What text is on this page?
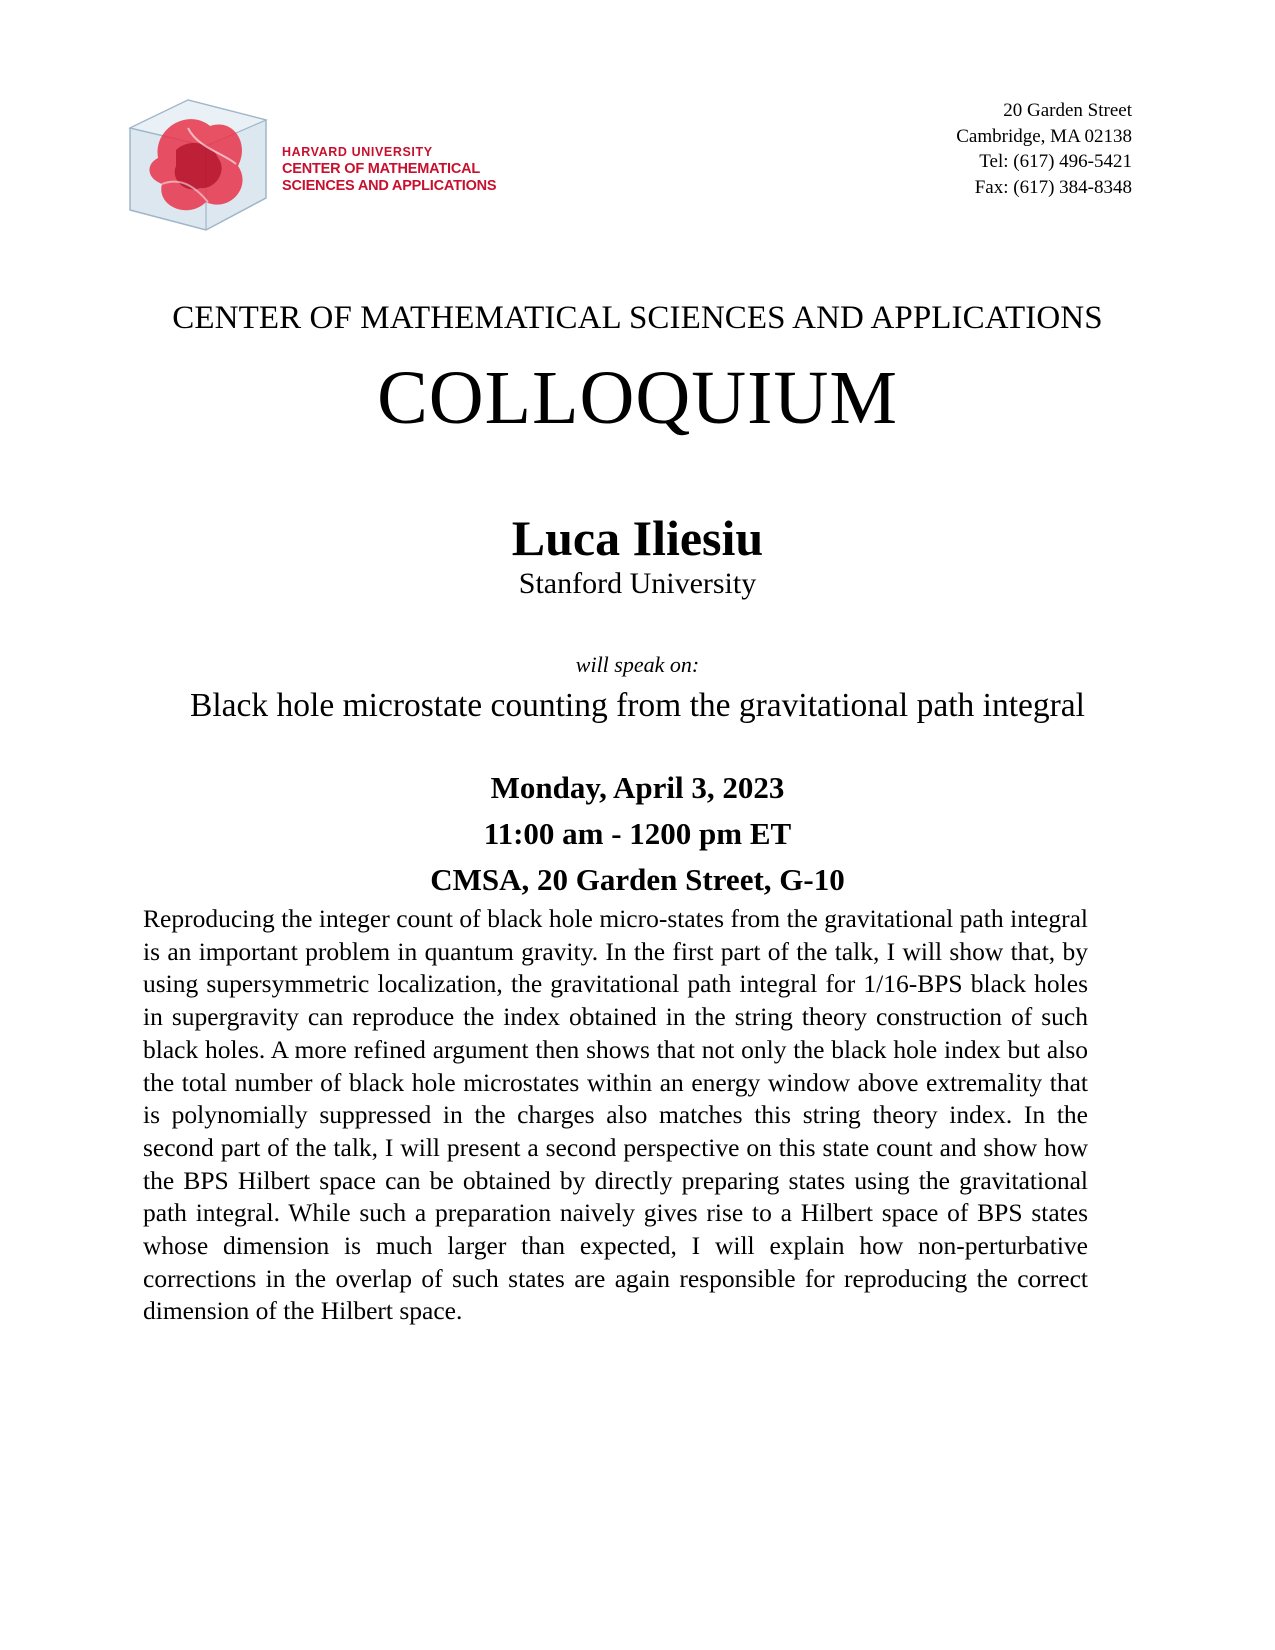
HARVARD UNIVERSITY
CENTER OF MATHEMATICAL
SCIENCES AND APPLICATIONS
20 Garden Street
Cambridge, MA 02138
Tel: (617) 496-5421
Fax: (617) 384-8348
CENTER OF MATHEMATICAL SCIENCES AND APPLICATIONS
COLLOQUIUM
Luca Iliesiu
Stanford University
will speak on:
Black hole microstate counting from the gravitational path integral
Monday, April 3, 2023
11:00 am - 1200 pm ET
CMSA, 20 Garden Street, G-10
Reproducing the integer count of black hole micro-states from the gravitational path integral is an important problem in quantum gravity. In the first part of the talk, I will show that, by using supersymmetric localization, the gravitational path integral for 1/16-BPS black holes in supergravity can reproduce the index obtained in the string theory construction of such black holes. A more refined argument then shows that not only the black hole index but also the total number of black hole microstates within an energy window above extremality that is polynomially suppressed in the charges also matches this string theory index. In the second part of the talk, I will present a second perspective on this state count and show how the BPS Hilbert space can be obtained by directly preparing states using the gravitational path integral. While such a preparation naively gives rise to a Hilbert space of BPS states whose dimension is much larger than expected, I will explain how non-perturbative corrections in the overlap of such states are again responsible for reproducing the correct dimension of the Hilbert space.
